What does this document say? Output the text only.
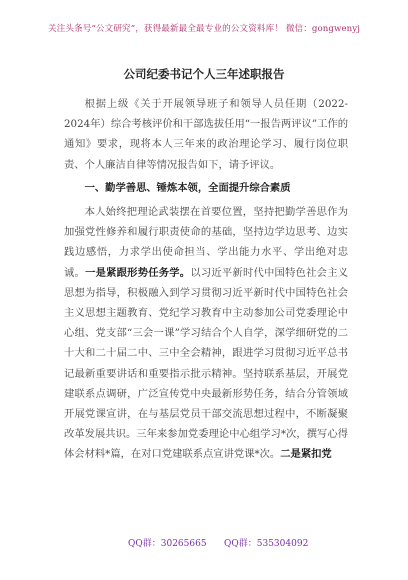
关注头条号“公文研究”，获得最新最全最专业的公文资料库！ 微信：gongwenyj
公司纪委书记个人三年述职报告

根据上级《关于开展领导班子和领导人员任期（2022-2024年）综合考核评价和干部选拔任用“一报告两评议”工作的通知》要求，现将本人三年来的政治理论学习、履行岗位职责、个人廉洁自律等情况报告如下，请予评议。

一、勤学善思、锤炼本领，全面提升综合素质

本人始终把理论武装摆在首要位置，坚持把勤学善思作为加强党性修养和履行职责使命的基础，坚持边学边思考、边实践边感悟，力求学出使命担当、学出能力水平、学出绝对忠诚。一是紧跟形势任务学。以习近平新时代中国特色社会主义思想为指导，积极融入到学习贯彻习近平新时代中国特色社会主义思想主题教育、党纪学习教育中主动参加公司党委理论中心组、党支部“三会一课”学习结合个人自学，深学细研党的二十大和二十届二中、三中全会精神，跟进学习贯彻习近平总书记最新重要讲话和重要指示批示精神。坚持联系基层，开展党建联系点调研，广泛宣传党中央最新形势任务，结合分管领域开展党课宣讲，在与基层党员干部交流思想过程中，不断凝聚改革发展共识。三年来参加党委理论中心组学习*次，撰写心得体会材料*篇，在对口党建联系点宣讲党课*次。二是紧扣党

QQ群：30265665 QQ群：535304092
